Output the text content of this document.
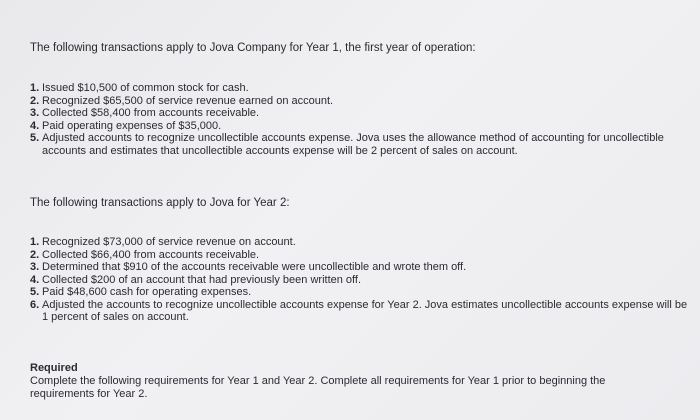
The following transactions apply to Jova Company for Year 1, the first year of operation:
1. Issued $10,500 of common stock for cash.
2. Recognized $65,500 of service revenue earned on account.
3. Collected $58,400 from accounts receivable.
4. Paid operating expenses of $35,000.
5. Adjusted accounts to recognize uncollectible accounts expense. Jova uses the allowance method of accounting for uncollectible accounts and estimates that uncollectible accounts expense will be 2 percent of sales on account.
The following transactions apply to Jova for Year 2:
1. Recognized $73,000 of service revenue on account.
2. Collected $66,400 from accounts receivable.
3. Determined that $910 of the accounts receivable were uncollectible and wrote them off.
4. Collected $200 of an account that had previously been written off.
5. Paid $48,600 cash for operating expenses.
6. Adjusted the accounts to recognize uncollectible accounts expense for Year 2. Jova estimates uncollectible accounts expense will be 1 percent of sales on account.
Required
Complete the following requirements for Year 1 and Year 2. Complete all requirements for Year 1 prior to beginning the requirements for Year 2.
